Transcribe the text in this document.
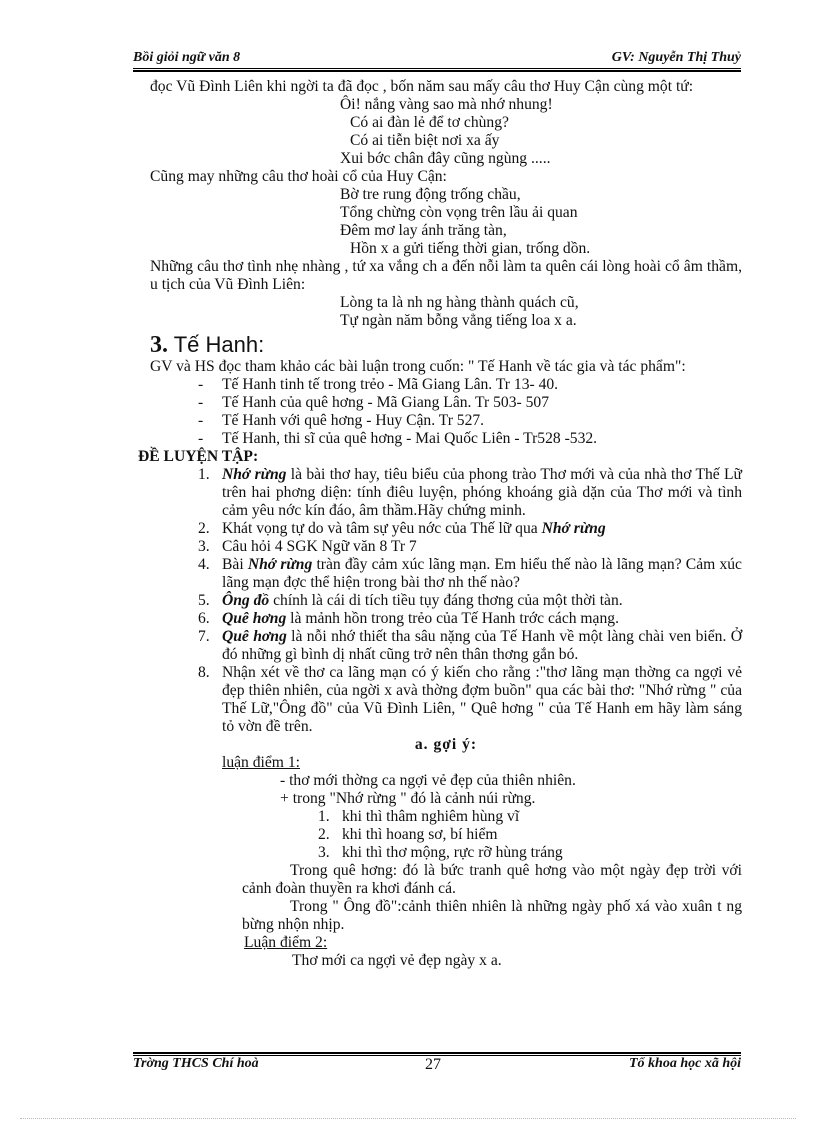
Bồi giỏi ngữ văn 8	GV: Nguyễn Thị Thuỷ

đọc Vũ Đình Liên khi ngời ta đã đọc , bốn năm sau mấy câu thơ Huy Cận cùng một tứ:

Ôi! nắng vàng sao mà nhớ nhung!
Có ai đàn lẻ để tơ chùng?
Có ai tiễn biệt nơi xa ấy
Xui bớc chân đây cũng ngùng .....

Cũng may những câu thơ hoài cổ của Huy Cận:

Bờ tre rung động trống chầu,
Tổng chừng còn vọng trên lầu ải quan
Đêm mơ lay ánh trăng tàn,
Hồn x a gửi tiếng thời gian, trống dồn.

Những câu thơ tình nhẹ nhàng , tứ xa vắng ch a đến nỗi làm ta quên cái lòng hoài cổ âm thầm, u tịch của Vũ Đình Liên:

Lòng ta là nh ng hàng thành quách cũ,
Tự ngàn năm bỗng vẳng tiếng loa x a.
3. Tế Hanh:

GV và HS đọc tham khảo các bài luận trong cuốn: " Tế Hanh về tác gia và tác phẩm":

- Tế Hanh tinh tế trong trẻo - Mã Giang Lân. Tr 13- 40.
- Tế Hanh của quê hơng - Mã Giang Lân. Tr 503- 507
- Tế Hanh với quê hơng - Huy Cận. Tr 527.
- Tế Hanh, thi sĩ của quê hơng - Mai Quốc Liên - Tr528 -532.

ĐỀ LUYỆN TẬP:

1. Nhớ rừng là bài thơ hay, tiêu biểu của phong trào Thơ mới và của nhà thơ Thế Lữ trên hai phơng diện: tính điêu luyện, phóng khoáng già dặn của Thơ mới và tình cảm yêu nớc kín đáo, âm thầm.Hãy chứng minh.
2. Khát vọng tự do và tâm sự yêu nớc của Thế lữ qua Nhớ rừng
3. Câu hỏi 4 SGK Ngữ văn 8 Tr 7
4. Bài Nhớ rừng tràn đầy cảm xúc lãng mạn. Em hiểu thế nào là lãng mạn? Cảm xúc lãng mạn đợc thể hiện trong bài thơ nh thế nào?
5. Ông đồ chính là cái di tích tiều tụy đáng thơng của một thời tàn.
6. Quê hơng là mảnh hồn trong trẻo của Tế Hanh trớc cách mạng.
7. Quê hơng là nỗi nhớ thiết tha sâu nặng của Tế Hanh về một làng chài ven biển. Ở đó những gì bình dị nhất cũng trở nên thân thơng gắn bó.
8. Nhận xét về thơ ca lãng mạn có ý kiến cho rằng :"thơ lãng mạn thờng ca ngợi vẻ đẹp thiên nhiên, của ngời x avà thờng đợm buồn" qua các bài thơ: "Nhớ rừng " của Thế Lữ,"Ông đồ" của Vũ Đình Liên, " Quê hơng " của Tế Hanh em hãy làm sáng tỏ vờn đề trên.

a. gợi ý:

luận điểm 1:

- thơ mới thờng ca ngợi vẻ đẹp của thiên nhiên.

+ trong "Nhớ rừng " đó là cảnh núi rừng.

1. khi thì thâm nghiêm hùng vĩ
2. khi thì hoang sơ, bí hiểm
3. khi thì thơ mộng, rực rỡ hùng tráng

Trong quê hơng: đó là bức tranh quê hơng vào một ngày đẹp trời với cảnh đoàn thuyền ra khơi đánh cá.

Trong " Ông đồ":cảnh thiên nhiên là những ngày phố xá vào xuân t ng bừng nhộn nhịp.

Luận điểm 2:

Thơ mới ca ngợi vẻ đẹp ngày x a.

Trờng THCS Chí hoà	27	Tổ khoa học xã hội
